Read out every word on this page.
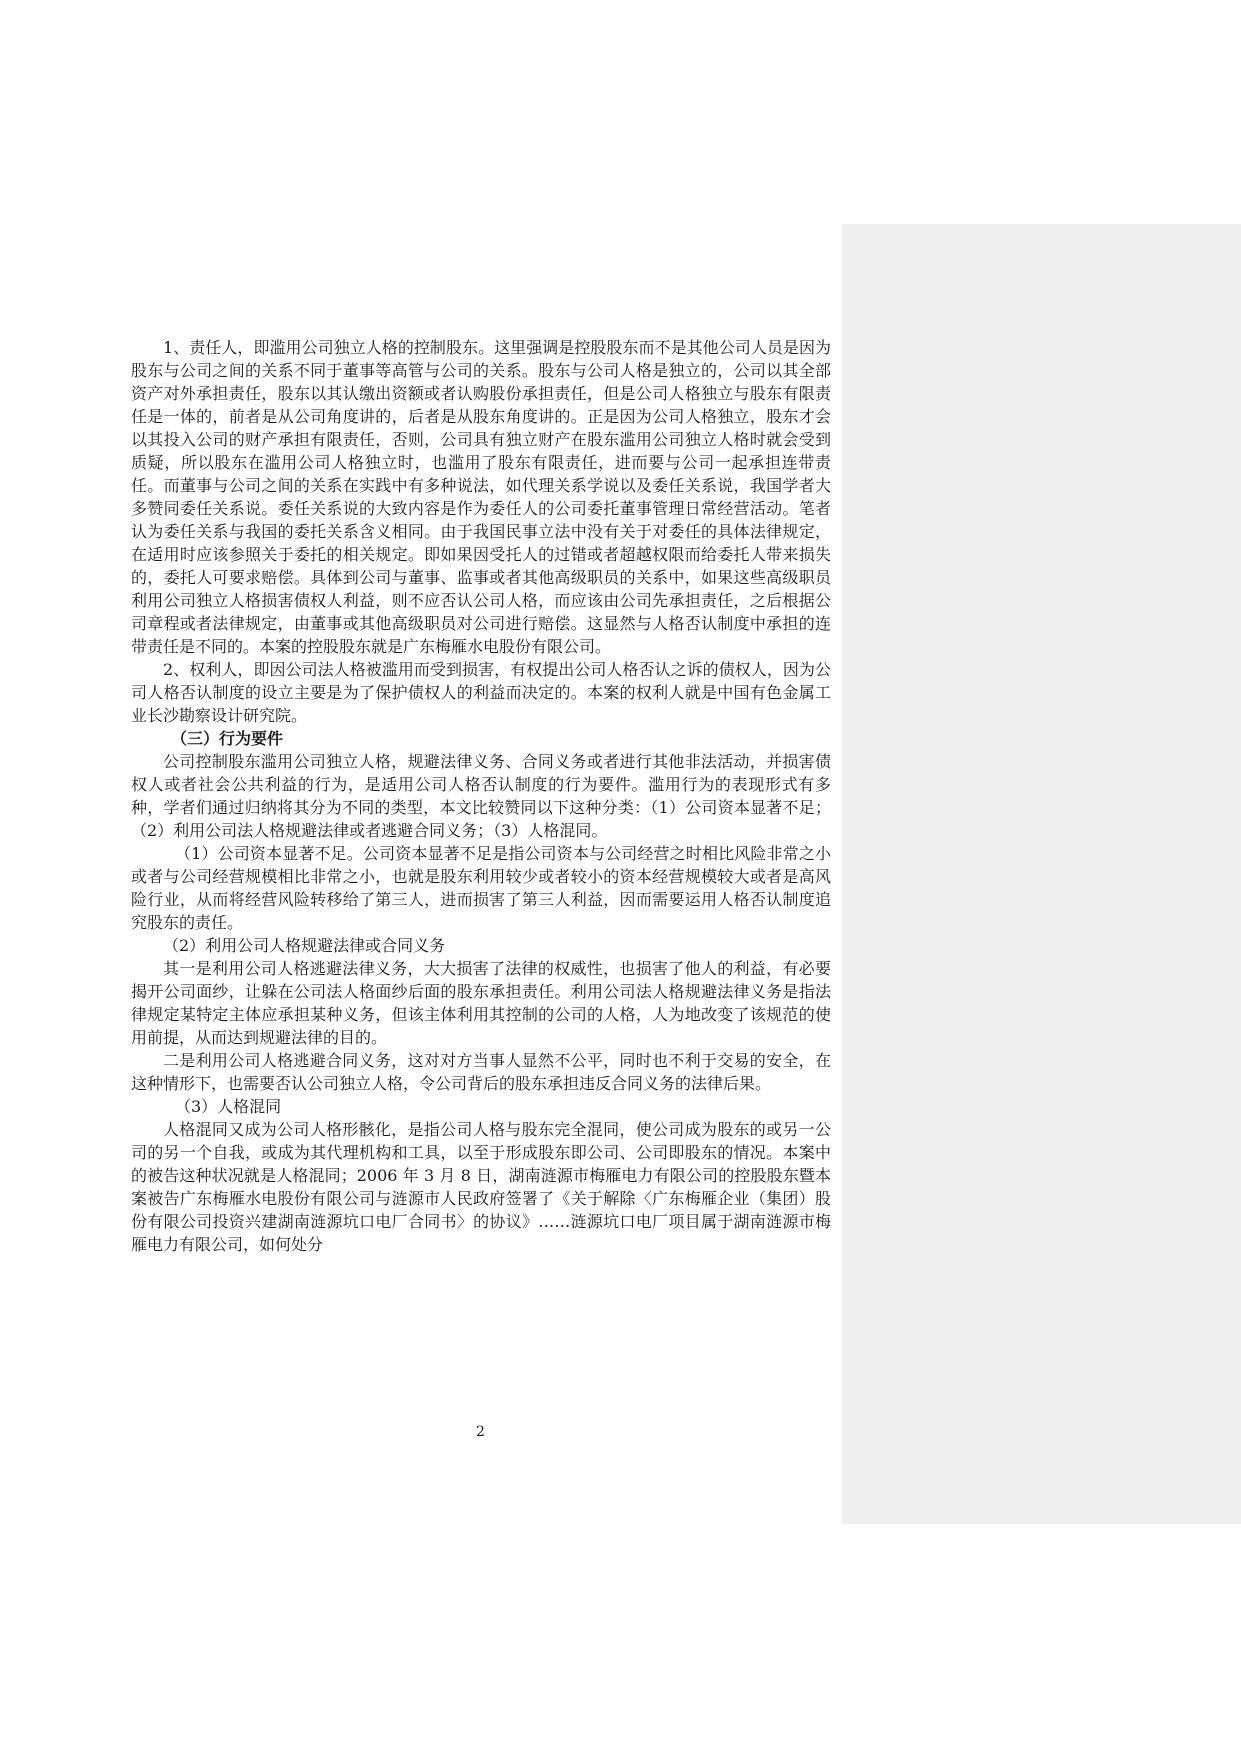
1、责任人，即滥用公司独立人格的控制股东。这里强调是控股股东而不是其他公司人员是因为股东与公司之间的关系不同于董事等高管与公司的关系。股东与公司人格是独立的，公司以其全部资产对外承担责任，股东以其认缴出资额或者认购股份承担责任，但是公司人格独立与股东有限责任是一体的，前者是从公司角度讲的，后者是从股东角度讲的。正是因为公司人格独立，股东才会以其投入公司的财产承担有限责任，否则，公司具有独立财产在股东滥用公司独立人格时就会受到质疑，所以股东在滥用公司人格独立时，也滥用了股东有限责任，进而要与公司一起承担连带责任。而董事与公司之间的关系在实践中有多种说法，如代理关系学说以及委任关系说，我国学者大多赞同委任关系说。委任关系说的大致内容是作为委任人的公司委托董事管理日常经营活动。笔者认为委任关系与我国的委托关系含义相同。由于我国民事立法中没有关于对委任的具体法律规定，在适用时应该参照关于委托的相关规定。即如果因受托人的过错或者超越权限而给委托人带来损失的，委托人可要求赔偿。具体到公司与董事、监事或者其他高级职员的关系中，如果这些高级职员利用公司独立人格损害债权人利益，则不应否认公司人格，而应该由公司先承担责任，之后根据公司章程或者法律规定，由董事或其他高级职员对公司进行赔偿。这显然与人格否认制度中承担的连带责任是不同的。本案的控股股东就是广东梅雁水电股份有限公司。

2、权利人，即因公司法人格被滥用而受到损害，有权提出公司人格否认之诉的债权人，因为公司人格否认制度的设立主要是为了保护债权人的利益而决定的。本案的权利人就是中国有色金属工业长沙勘察设计研究院。

（三）行为要件

公司控制股东滥用公司独立人格，规避法律义务、合同义务或者进行其他非法活动，并损害债权人或者社会公共利益的行为，是适用公司人格否认制度的行为要件。滥用行为的表现形式有多种，学者们通过归纳将其分为不同的类型，本文比较赞同以下这种分类：（1）公司资本显著不足；（2）利用公司法人格规避法律或者逃避合同义务；（3）人格混同。

（1）公司资本显著不足。公司资本显著不足是指公司资本与公司经营之时相比风险非常之小或者与公司经营规模相比非常之小，也就是股东利用较少或者较小的资本经营规模较大或者是高风险行业，从而将经营风险转移给了第三人，进而损害了第三人利益，因而需要运用人格否认制度追究股东的责任。

（2）利用公司人格规避法律或合同义务

其一是利用公司人格逃避法律义务，大大损害了法律的权威性，也损害了他人的利益，有必要揭开公司面纱，让躲在公司法人格面纱后面的股东承担责任。利用公司法人格规避法律义务是指法律规定某特定主体应承担某种义务，但该主体利用其控制的公司的人格，人为地改变了该规范的使用前提，从而达到规避法律的目的。

二是利用公司人格逃避合同义务，这对对方当事人显然不公平，同时也不利于交易的安全，在这种情形下，也需要否认公司独立人格，令公司背后的股东承担违反合同义务的法律后果。

（3）人格混同

人格混同又成为公司人格形骸化，是指公司人格与股东完全混同，使公司成为股东的或另一公司的另一个自我，或成为其代理机构和工具，以至于形成股东即公司、公司即股东的情况。本案中的被告这种状况就是人格混同；2006 年 3 月 8 日，湖南涟源市梅雁电力有限公司的控股股东暨本案被告广东梅雁水电股份有限公司与涟源市人民政府签署了《关于解除〈广东梅雁企业（集团）股份有限公司投资兴建湖南涟源坑口电厂合同书〉的协议》……涟源坑口电厂项目属于湖南涟源市梅雁电力有限公司，如何处分

2
